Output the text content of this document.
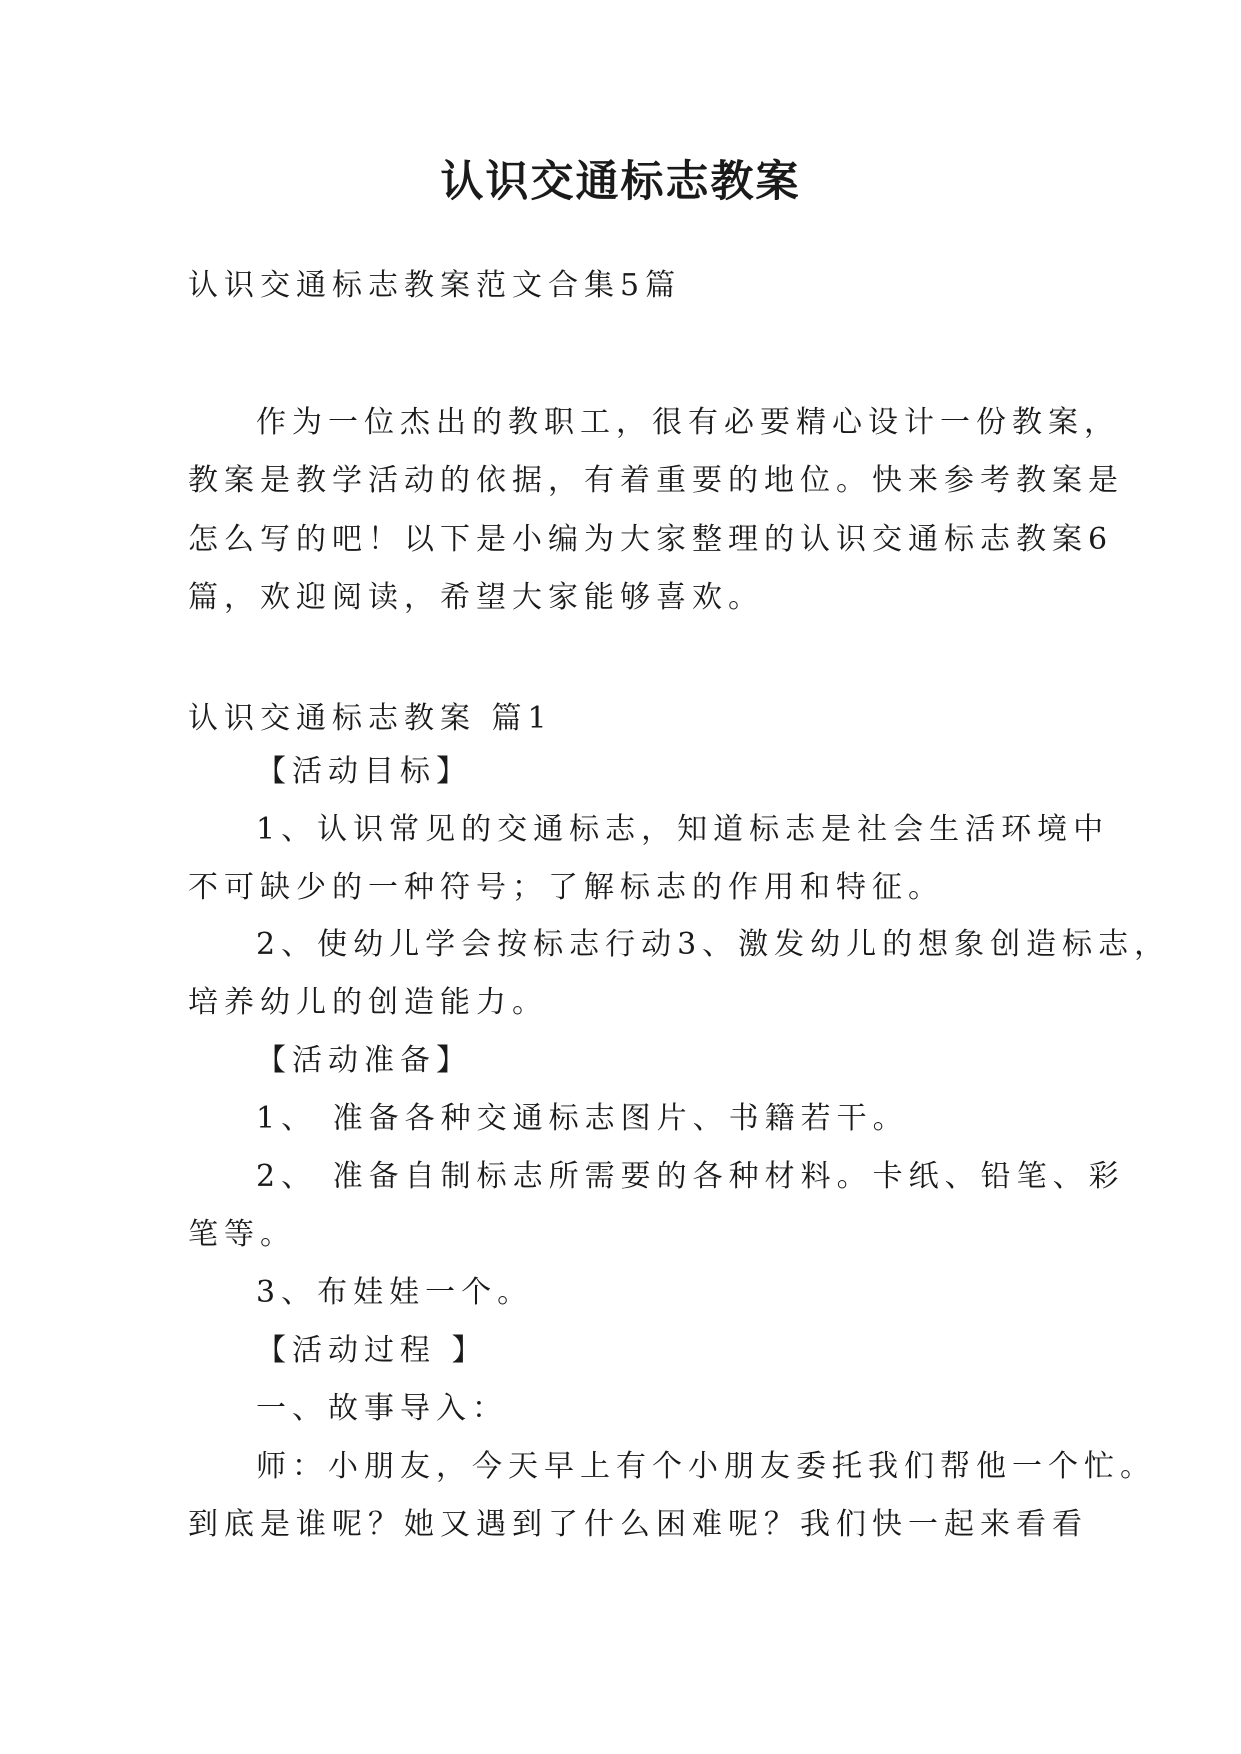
认识交通标志教案
认识交通标志教案范文合集5篇
作为一位杰出的教职工，很有必要精心设计一份教案，
教案是教学活动的依据，有着重要的地位。快来参考教案是
怎么写的吧！以下是小编为大家整理的认识交通标志教案6
篇，欢迎阅读，希望大家能够喜欢。
认识交通标志教案 篇1
【活动目标】
1、认识常见的交通标志，知道标志是社会生活环境中
不可缺少的一种符号；了解标志的作用和特征。
2、使幼儿学会按标志行动3、激发幼儿的想象创造标志，
培养幼儿的创造能力。
【活动准备】
1、 准备各种交通标志图片、书籍若干。
2、 准备自制标志所需要的各种材料。卡纸、铅笔、彩
笔等。
3、布娃娃一个。
【活动过程 】
一、故事导入：
师：小朋友，今天早上有个小朋友委托我们帮他一个忙。
到底是谁呢？她又遇到了什么困难呢？我们快一起来看看
